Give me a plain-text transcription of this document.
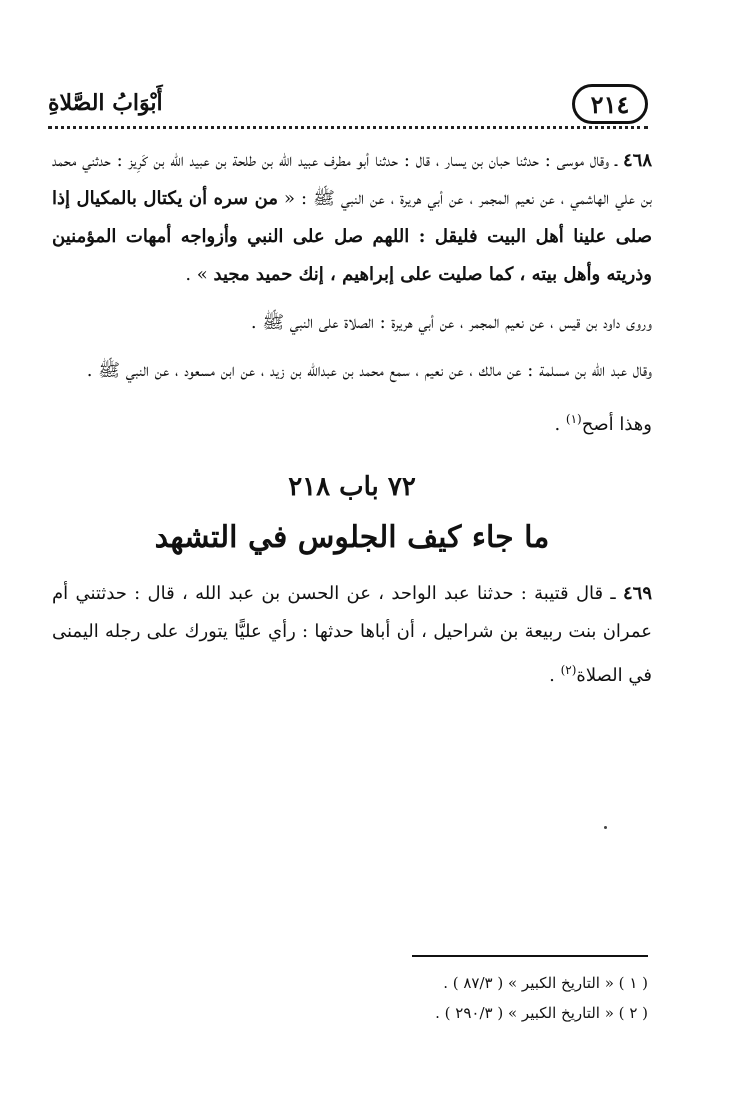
أَبْوَابُ الصَّلاةِ	٢١٤

٤٦٨ ـ وقال موسى : حدثنا حبان بن يسار ، قال : حدثنا أبو مطرف عبيد الله بن طلحة بن عبيد الله بن كَرِيز : حدثني محمد بن علي الهاشمي ، عن نعيم المجمر ، عن أبي هريرة ، عن النبي ﷺ : « من سره أن يكتال بالمكيال إذا صلى علينا أهل البيت فليقل : اللهم صل على النبي وأزواجه أمهات المؤمنين وذريته وأهل بيته ، كما صليت على إبراهيم ، إنك حميد مجيد » .

وروى داود بن قيس ، عن نعيم المجمر ، عن أبي هريرة : الصلاة على النبي ﷺ .

وقال عبد الله بن مسلمة : عن مالك ، عن نعيم ، سمع محمد بن عبدالله بن زيد ، عن ابن مسعود ، عن النبي ﷺ .

وهذا أصح$^{(١)}$ .

٧٢ باب ٢١٨
ما جاء كيف الجلوس في التشهد

٤٦٩ ـ قال قتيبة : حدثنا عبد الواحد ، عن الحسن بن عبد الله ، قال : حدثتني أم عمران بنت ربيعة بن شراحيل ، أن أباها حدثها : رأي عليًّا يتورك على رجله اليمنى في الصلاة$^{(٢)}$ .

( ١ ) « التاريخ الكبير » ( ٨٧/٣ ) .
( ٢ ) « التاريخ الكبير » ( ٢٩٠/٣ ) .
